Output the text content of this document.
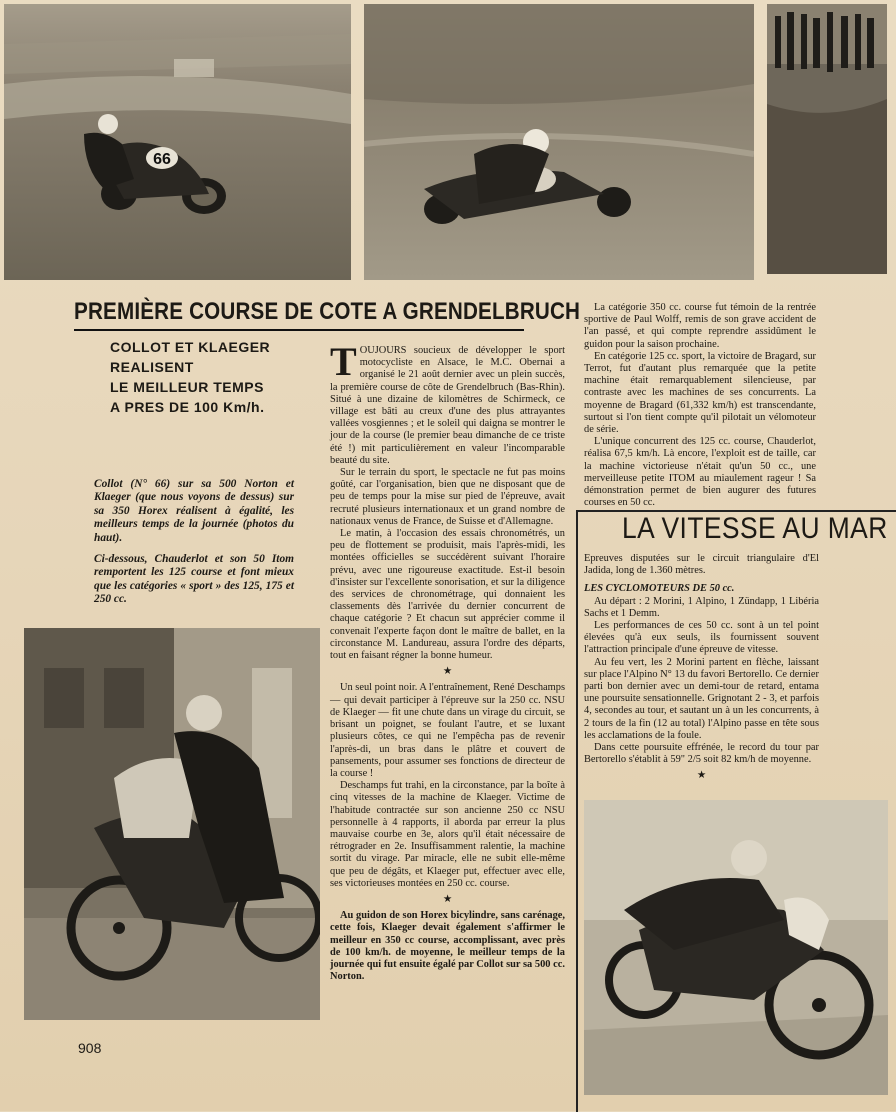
66
PREMIÈRE COURSE DE COTE A GRENDELBRUCH
COLLOT ET KLAEGER
REALISENT
LE MEILLEUR TEMPS
A PRES DE 100 Km/h.
Collot (N° 66) sur sa 500 Norton et Klaeger (que nous voyons de dessus) sur sa 350 Horex réalisent à égalité, les meilleurs temps de la journée (photos du haut).
Ci-dessous, Chauderlot et son 50 Itom remportent les 125 course et font mieux que les catégories « sport » des 125, 175 et 250 cc.

TOUJOURS soucieux de développer le sport motocycliste en Alsace, le M.C. Obernai a organisé le 21 août dernier avec un plein succès, la première course de côte de Grendelbruch (Bas-Rhin). Situé à une dizaine de kilomètres de Schirmeck, ce village est bâti au creux d'une des plus attrayantes vallées vosgiennes ; et le soleil qui daigna se montrer le jour de la course (le premier beau dimanche de ce triste été !) mit particulièrement en valeur l'incomparable beauté du site.

Sur le terrain du sport, le spectacle ne fut pas moins goûté, car l'organisation, bien que ne disposant que de peu de temps pour la mise sur pied de l'épreuve, avait recruté plusieurs internationaux et un grand nombre de nationaux venus de France, de Suisse et d'Allemagne.

Le matin, à l'occasion des essais chronométrés, un peu de flottement se produisit, mais l'après-midi, les montées officielles se succédèrent suivant l'horaire prévu, avec une rigoureuse exactitude. Est-il besoin d'insister sur l'excellente sonorisation, et sur la diligence des services de chronométrage, qui donnaient les classements dès l'arrivée du dernier concurrent de chaque catégorie ? Et chacun sut apprécier comme il convenait l'experte façon dont le maître de ballet, en la circonstance M. Landureau, assura l'ordre des départs, tout en faisant régner la bonne humeur.

★

Un seul point noir. A l'entraînement, René Deschamps — qui devait participer à l'épreuve sur la 250 cc. NSU de Klaeger — fit une chute dans un virage du circuit, se brisant un poignet, se foulant l'autre, et se luxant plusieurs côtes, ce qui ne l'empêcha pas de revenir l'après-di, un bras dans le plâtre et couvert de pansements, pour assumer ses fonctions de directeur de la course !

Deschamps fut trahi, en la circonstance, par la boîte à cinq vitesses de la machine de Klaeger. Victime de l'habitude contractée sur son ancienne 250 cc NSU personnelle à 4 rapports, il aborda par erreur la plus mauvaise courbe en 3e, alors qu'il était nécessaire de rétrograder en 2e. Insuffisamment ralentie, la machine sortit du virage. Par miracle, elle ne subit elle-même que peu de dégâts, et Klaeger put, effectuer avec elle, ses victorieuses montées en 250 cc. course.

★

Au guidon de son Horex bicylindre, sans carénage, cette fois, Klaeger devait également s'affirmer le meilleur en 350 cc course, accomplissant, avec près de 100 km/h. de moyenne, le meilleur temps de la journée qui fut ensuite égalé par Collot sur sa 500 cc. Norton.

La catégorie 350 cc. course fut témoin de la rentrée sportive de Paul Wolff, remis de son grave accident de l'an passé, et qui compte reprendre assidûment le guidon pour la saison prochaine.

En catégorie 125 cc. sport, la victoire de Bragard, sur Terrot, fut d'autant plus remarquée que la petite machine était remarquablement silencieuse, par contraste avec les machines de ses concurrents. La moyenne de Bragard (61,332 km/h) est transcendante, surtout si l'on tient compte qu'il pilotait un vélomoteur de série.

L'unique concurrent des 125 cc. course, Chauderlot, réalisa 67,5 km/h. Là encore, l'exploit est de taille, car la machine victorieuse n'était qu'un 50 cc., une merveilleuse petite ITOM au miaulement rageur ! Sa démonstration permet de bien augurer des futures courses en 50 cc.

LA VITESSE AU MAR

Epreuves disputées sur le circuit triangulaire d'El Jadida, long de 1.360 mètres.

LES CYCLOMOTEURS DE 50 cc.

Au départ : 2 Morini, 1 Alpino, 1 Zündapp, 1 Libéria Sachs et 1 Demm.

Les performances de ces 50 cc. sont à un tel point élevées qu'à eux seuls, ils fournissent souvent l'attraction principale d'une épreuve de vitesse.

Au feu vert, les 2 Morini partent en flèche, laissant sur place l'Alpino N° 13 du favori Bertorello. Ce dernier parti bon dernier avec un demi-tour de retard, entama une poursuite sensationnelle. Grignotant 2 - 3, et parfois 4, secondes au tour, et sautant un à un les concurrents, à 2 tours de la fin (12 au total) l'Alpino passe en tête sous les acclamations de la foule.

Dans cette poursuite effrénée, le record du tour par Bertorello s'établit à 59" 2/5 soit 82 km/h de moyenne.

★

908
